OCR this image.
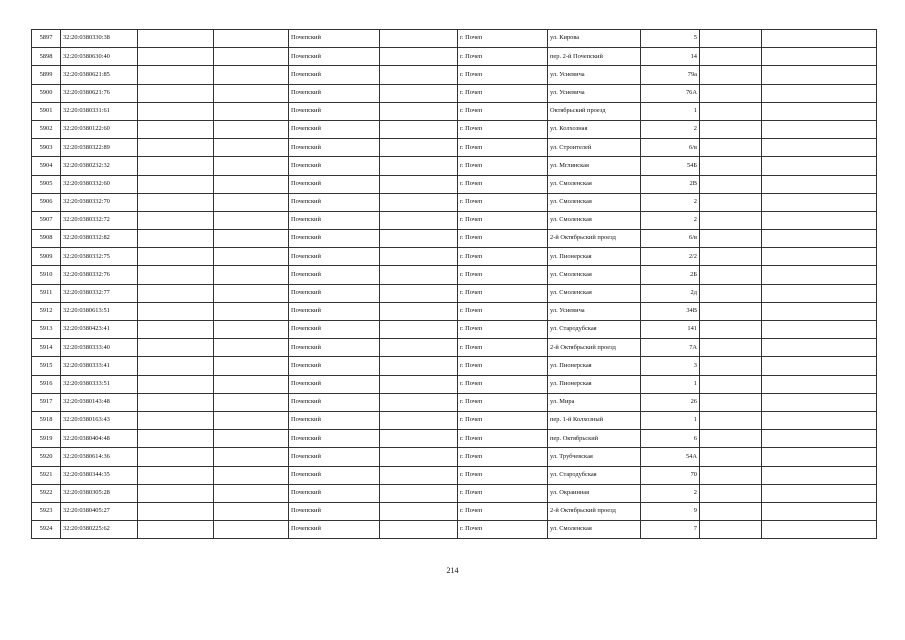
5897	32:20:0380330:38			Почепский		г. Почеп	ул. Кирова	5		
5898	32:20:0380630:40			Почепский		г. Почеп	пер. 2-й Почепский	14		
5899	32:20:0380621:85			Почепский		г. Почеп	ул. Усиевича	79а		
5900	32:20:0380621:76			Почепский		г. Почеп	ул. Усиевича	76А		
5901	32:20:0380331:61			Почепский		г. Почеп	Октябрьский проезд	1		
5902	32:20:0380122:60			Почепский		г. Почеп	ул. Колхозная	2		
5903	32:20:0380322:89			Почепский		г. Почеп	ул. Строителей	6/в		
5904	32:20:0380232:32			Почепский		г. Почеп	ул. Мглинская	54Б		
5905	32:20:0380332:60			Почепский		г. Почеп	ул. Смоленская	2В		
5906	32:20:0380332:70			Почепский		г. Почеп	ул. Смоленская	2		
5907	32:20:0380332:72			Почепский		г. Почеп	ул. Смоленская	2		
5908	32:20:0380332:82			Почепский		г. Почеп	2-й Октябрьский проезд	6/в		
5909	32:20:0380332:75			Почепский		г. Почеп	ул. Пионерская	2/2		
5910	32:20:0380332:76			Почепский		г. Почеп	ул. Смоленская	2Б		
5911	32:20:0380332:77			Почепский		г. Почеп	ул. Смоленская	2д		
5912	32:20:0380613:51			Почепский		г. Почеп	ул. Усиевича	34В		
5913	32:20:0380423:41			Почепский		г. Почеп	ул. Стародубская	141		
5914	32:20:0380333:40			Почепский		г. Почеп	2-й Октябрьский проезд	7А		
5915	32:20:0380333:41			Почепский		г. Почеп	ул. Пионерская	3		
5916	32:20:0380333:51			Почепский		г. Почеп	ул. Пионерская	1		
5917	32:20:0380143:48			Почепский		г. Почеп	ул. Мира	26		
5918	32:20:0380163:43			Почепский		г. Почеп	пер. 1-й Колхозный	1		
5919	32:20:0380404:48			Почепский		г. Почеп	пер. Октябрьский	6		
5920	32:20:0380614:36			Почепский		г. Почеп	ул. Трубчевская	54А		
5921	32:20:0380344:35			Почепский		г. Почеп	ул. Стародубская	70		
5922	32:20:0380305:28			Почепский		г. Почеп	ул. Окраинная	2		
5923	32:20:0380405:27			Почепский		г. Почеп	2-й Октябрьский проезд	9		
5924	32:20:0380225:62			Почепский		г. Почеп	ул. Смоленская	7		
214
